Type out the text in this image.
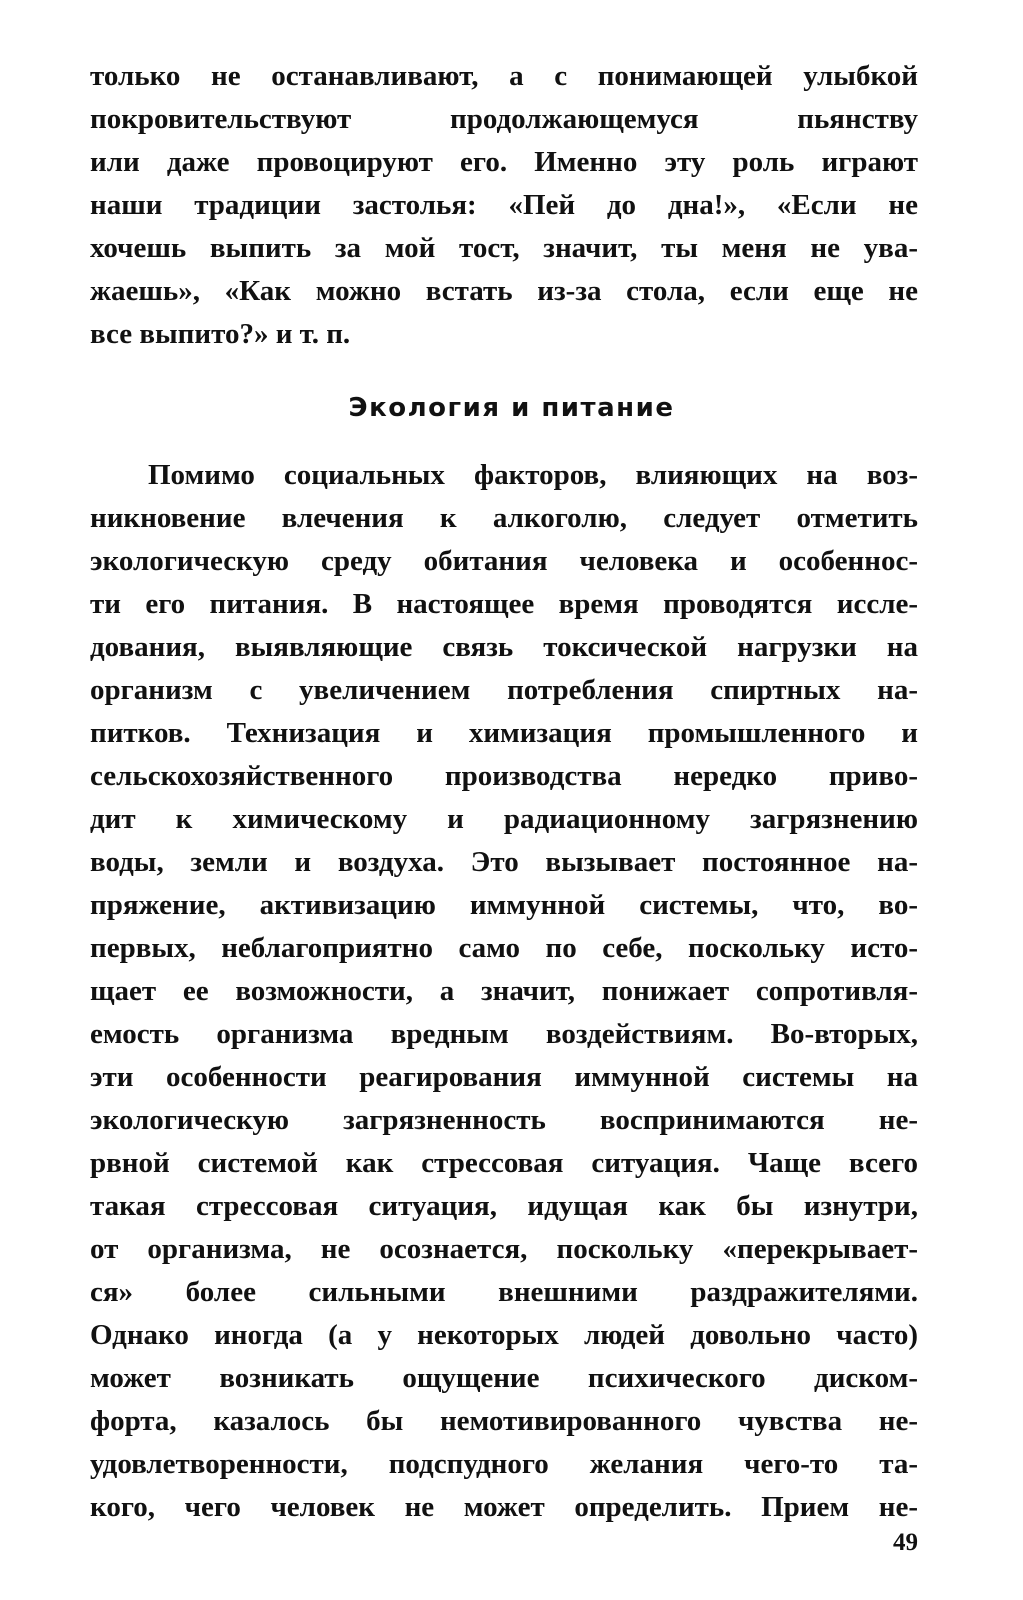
только не останавливают, а с понимающей улыбкой
покровительствуют продолжающемуся пьянству
или даже провоцируют его. Именно эту роль играют
наши традиции застолья: «Пей до дна!», «Если не
хочешь выпить за мой тост, значит, ты меня не ува-
жаешь», «Как можно встать из-за стола, если еще не
все выпито?» и т. п.
Экология и питание
Помимо социальных факторов, влияющих на воз-
никновение влечения к алкоголю, следует отметить
экологическую среду обитания человека и особеннос-
ти его питания. В настоящее время проводятся иссле-
дования, выявляющие связь токсической нагрузки на
организм с увеличением потребления спиртных на-
питков. Технизация и химизация промышленного и
сельскохозяйственного производства нередко приво-
дит к химическому и радиационному загрязнению
воды, земли и воздуха. Это вызывает постоянное на-
пряжение, активизацию иммунной системы, что, во-
первых, неблагоприятно само по себе, поскольку исто-
щает ее возможности, а значит, понижает сопротивля-
емость организма вредным воздействиям. Во-вторых,
эти особенности реагирования иммунной системы на
экологическую загрязненность воспринимаются не-
рвной системой как стрессовая ситуация. Чаще всего
такая стрессовая ситуация, идущая как бы изнутри,
от организма, не осознается, поскольку «перекрывает-
ся» более сильными внешними раздражителями.
Однако иногда (а у некоторых людей довольно часто)
может возникать ощущение психического диском-
форта, казалось бы немотивированного чувства не-
удовлетворенности, подспудного желания чего-то та-
кого, чего человек не может определить. Прием не-
49
